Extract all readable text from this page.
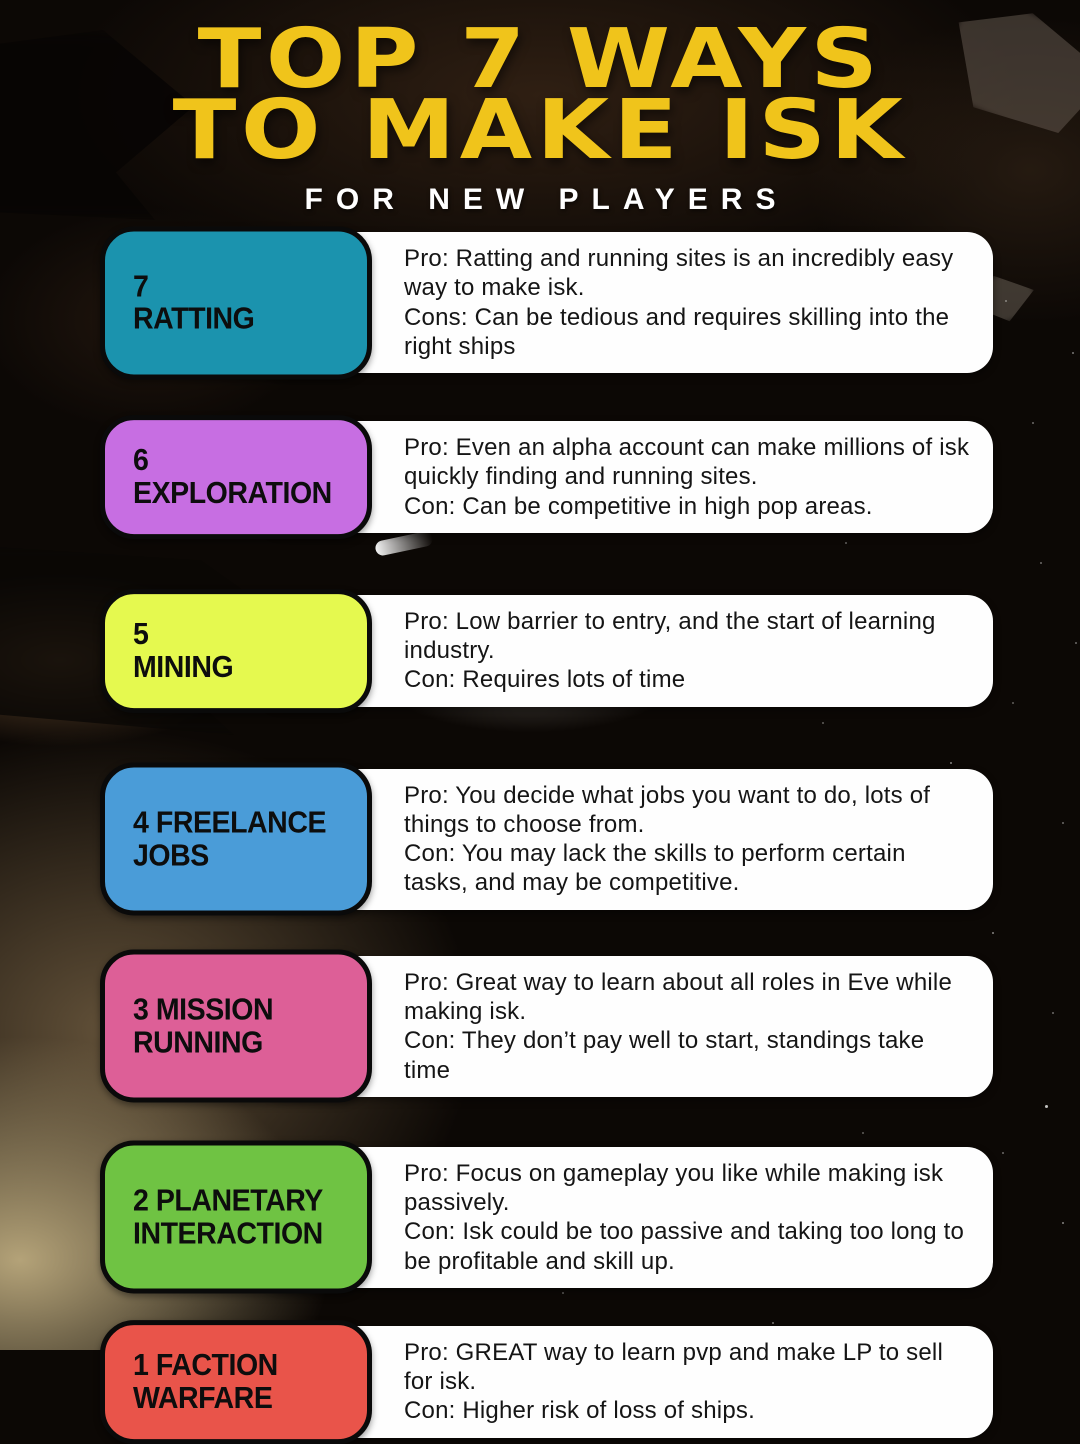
TOP 7 WAYS
TO MAKE ISK
FOR NEW PLAYERS
7
RATTING
Pro: Ratting and running sites is an incredibly easy way to make isk.
Cons: Can be tedious and requires skilling into the right ships
6
EXPLORATION
Pro: Even an alpha account can make millions of isk quickly finding and running sites.
Con: Can be competitive in high pop areas.
5
MINING
Pro: Low barrier to entry, and the start of learning industry.
Con: Requires lots of time
4 FREELANCE
JOBS
Pro: You decide what jobs you want to do, lots of things to choose from.
Con: You may lack the skills to perform certain tasks, and may be competitive.
3 MISSION
RUNNING
Pro: Great way to learn about all roles in Eve while making isk.
Con: They don’t pay well to start, standings take time
2 PLANETARY
INTERACTION
Pro: Focus on gameplay you like while making isk passively.
Con: Isk could be too passive and taking too long to be profitable and skill up.
1 FACTION
WARFARE
Pro: GREAT way to learn pvp and make LP to sell for isk.
Con: Higher risk of loss of ships.
